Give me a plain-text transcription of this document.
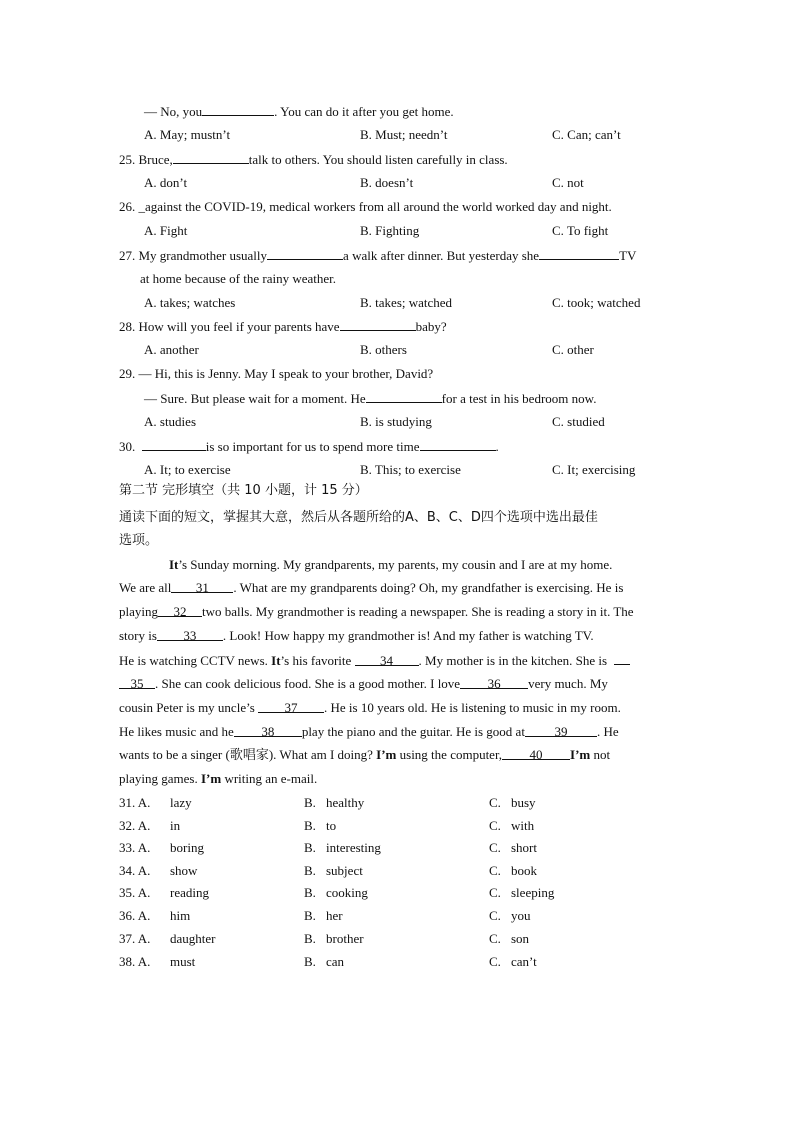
— No, you	. You can do it after you get home.
A. May; mustn’t	B. Must; needn’t	C. Can; can’t
25. Bruce,	talk to others. You should listen carefully in class.
A. don’t	B. doesn’t	C. not
26. _against the COVID-19, medical workers from all around the world worked day and night.
A. Fight	B. Fighting	C. To fight
27. My grandmother usually	a walk after dinner. But yesterday she	TV
at home because of the rainy weather.
A. takes; watches	B. takes; watched	C. took; watched
28. How will you feel if your parents have	baby?
A. another	B. others	C. other
29. — Hi, this is Jenny. May I speak to your brother, David?
— Sure. But please wait for a moment. He	for a test in his bedroom now.
A. studies	B. is studying	C. studied
30.	is so important for us to spend more time	.
A. It; to exercise	B. This; to exercise	C. It; exercising
第二节 完形填空（共 10 小题，计 15 分）
通读下面的短文，掌握其大意，然后从各题所给的A、B、C、D四个选项中选出最佳
选项。
It’s Sunday morning. My grandparents, my parents, my cousin and I are at my home.
We are all 31 . What are my grandparents doing? Oh, my grandfather is exercising. He is
playing 32 two balls. My grandmother is reading a newspaper. She is reading a story in it. The
story is 33 . Look! How happy my grandmother is! And my father is watching TV.
He is watching CCTV news. It’s his favorite 34 . My mother is in the kitchen. She is
35 . She can cook delicious food. She is a good mother. I love 36 very much. My
cousin Peter is my uncle’s 37 . He is 10 years old. He is listening to music in my room.
He likes music and he 38 play the piano and the guitar. He is good at 39 . He
wants to be a singer (歌唱家). What am I doing? I’m using the computer, 40 I’m not
playing games. I’m writing an e-mail.
31. A. lazy	B. healthy	C. busy
32. A. in	B. to	C. with
33. A. boring	B. interesting	C. short
34. A. show	B. subject	C. book
35. A. reading	B. cooking	C. sleeping
36. A. him	B. her	C. you
37. A. daughter	B. brother	C. son
38. A. must	B. can	C. can’t
